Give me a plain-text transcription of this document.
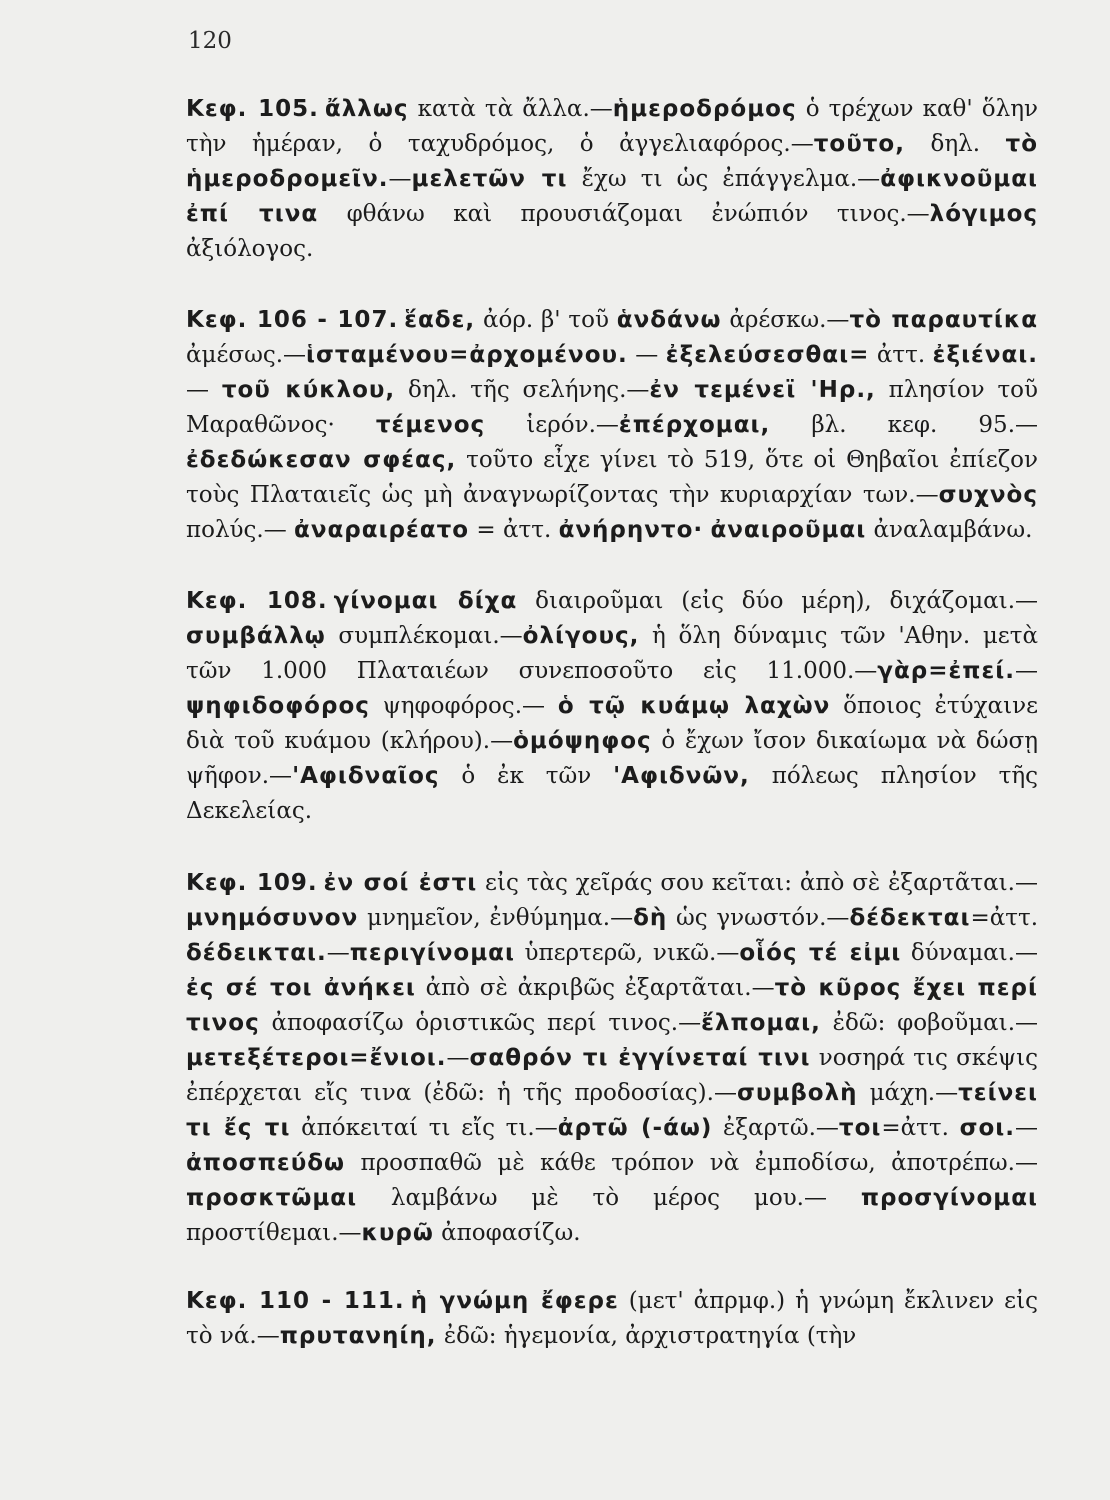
120

Κεφ. 105. ἄλλως κατὰ τὰ ἄλλα.—ἡμεροδρόμος ὁ τρέχων καθ' ὅλην τὴν ἡμέραν, ὁ ταχυδρόμος, ὁ ἀγγελιαφόρος.—τοῦτο, δηλ. τὸ ἡμεροδρομεῖν.—μελετῶν τι ἔχω τι ὡς ἐπάγγελμα.—ἀφικνοῦμαι ἐπί τινα φθάνω καὶ προυσιάζομαι ἐνώπιόν τινος.—λόγιμος ἀξιόλογος.

Κεφ. 106 - 107. ἕαδε, ἀόρ. β' τοῦ ἁνδάνω ἀρέσκω.—τὸ παραυτίκα ἀμέσως.—ἱσταμένου=ἀρχομένου. — ἐξελεύσεσθαι= ἀττ. ἐξιέναι. — τοῦ κύκλου, δηλ. τῆς σελήνης.—ἐν τεμένεϊ 'Ηρ., πλησίον τοῦ Μαραθῶνος· τέμενος ἱερόν.—ἐπέρχομαι, βλ. κεφ. 95.— ἐδεδώκεσαν σφέας, τοῦτο εἶχε γίνει τὸ 519, ὅτε οἱ Θηβαῖοι ἐπίεζον τοὺς Πλαταιεῖς ὡς μὴ ἀναγνωρίζοντας τὴν κυριαρχίαν των.—συχνὸς πολύς.— ἀναραιρέατο = ἀττ. ἀνήρηντο· ἀναιροῦμαι ἀναλαμβάνω.

Κεφ. 108. γίνομαι δίχα διαιροῦμαι (εἰς δύο μέρη), διχάζομαι.—συμβάλλῳ συμπλέκομαι.—ὀλίγους, ἡ ὅλη δύναμις τῶν 'Αθην. μετὰ τῶν 1.000 Πλαταιέων συνεποσοῦτο εἰς 11.000.—γὰρ=ἐπεί.— ψηφιδοφόρος ψηφοφόρος.— ὁ τῷ κυάμῳ λαχὼν ὅποιος ἐτύχαινε διὰ τοῦ κυάμου (κλήρου).—ὁμόψηφος ὁ ἔχων ἴσον δικαίωμα νὰ δώσῃ ψῆφον.—'Αφιδναῖος ὁ ἐκ τῶν 'Αφιδνῶν, πόλεως πλησίον τῆς Δεκελείας.

Κεφ. 109. ἐν σοί ἐστι εἰς τὰς χεῖράς σου κεῖται: ἀπὸ σὲ ἐξαρτᾶται.—μνημόσυνον μνημεῖον, ἐνθύμημα.—δὴ ὡς γνωστόν.—δέδεκται=ἀττ. δέδεικται.—περιγίνομαι ὑπερτερῶ, νικῶ.—οἷός τέ εἰμι δύναμαι.—ἐς σέ τοι ἀνήκει ἀπὸ σὲ ἀκριβῶς ἐξαρτᾶται.—τὸ κῦρος ἔχει περί τινος ἀποφασίζω ὁριστικῶς περί τινος.—ἔλπομαι, ἐδῶ: φοβοῦμαι.—μετεξέτεροι=ἔνιοι.—σαθρόν τι ἐγγίνεταί τινι νοσηρά τις σκέψις ἐπέρχεται εἴς τινα (ἐδῶ: ἡ τῆς προδοσίας).—συμβολὴ μάχη.—τείνει τι ἔς τι ἀπόκειταί τι εἴς τι.—ἀρτῶ (-άω) ἐξαρτῶ.—τοι=ἀττ. σοι.—ἀποσπεύδω προσπαθῶ μὲ κάθε τρόπον νὰ ἐμποδίσω, ἀποτρέπω.—προσκτῶμαι λαμβάνω μὲ τὸ μέρος μου.— προσγίνομαι προστίθεμαι.—κυρῶ ἀποφασίζω.

Κεφ. 110 - 111. ἡ γνώμη ἔφερε (μετ' ἀπρμφ.) ἡ γνώμη ἔκλινεν εἰς τὸ νά.—πρυτανηίη, ἐδῶ: ἡγεμονία, ἀρχιστρατηγία (τὴν
